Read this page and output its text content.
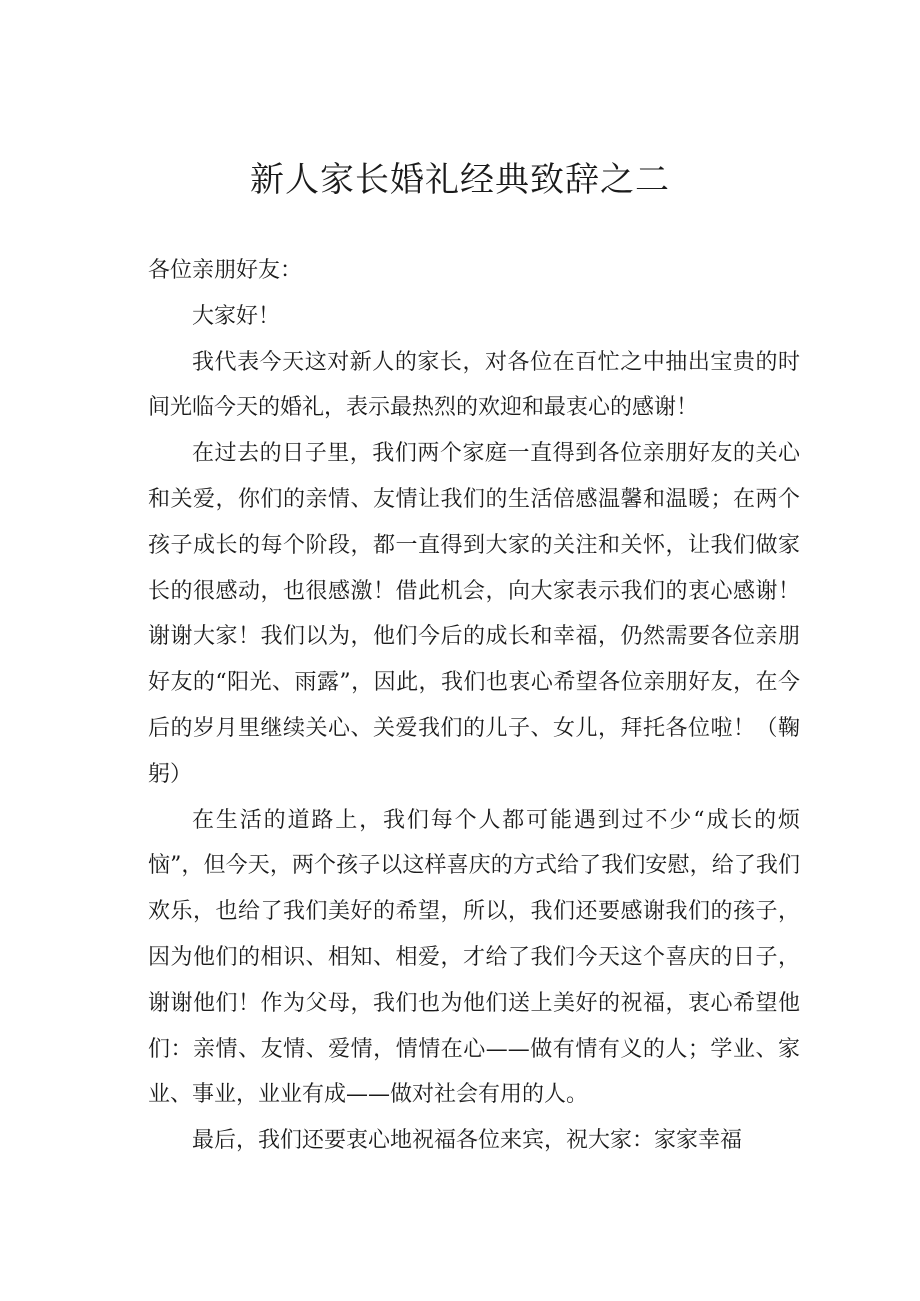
新人家长婚礼经典致辞之二

各位亲朋好友：

大家好！

我代表今天这对新人的家长，对各位在百忙之中抽出宝贵的时间光临今天的婚礼，表示最热烈的欢迎和最衷心的感谢！

在过去的日子里，我们两个家庭一直得到各位亲朋好友的关心和关爱，你们的亲情、友情让我们的生活倍感温馨和温暖；在两个孩子成长的每个阶段，都一直得到大家的关注和关怀，让我们做家长的很感动，也很感激！借此机会，向大家表示我们的衷心感谢！谢谢大家！我们以为，他们今后的成长和幸福，仍然需要各位亲朋好友的“阳光、雨露”，因此，我们也衷心希望各位亲朋好友，在今后的岁月里继续关心、关爱我们的儿子、女儿，拜托各位啦！（鞠躬）

在生活的道路上，我们每个人都可能遇到过不少“成长的烦恼”，但今天，两个孩子以这样喜庆的方式给了我们安慰，给了我们欢乐，也给了我们美好的希望，所以，我们还要感谢我们的孩子，因为他们的相识、相知、相爱，才给了我们今天这个喜庆的日子，谢谢他们！作为父母，我们也为他们送上美好的祝福，衷心希望他们：亲情、友情、爱情，情情在心——做有情有义的人；学业、家业、事业，业业有成——做对社会有用的人。

最后，我们还要衷心地祝福各位来宾，祝大家：家家幸福
